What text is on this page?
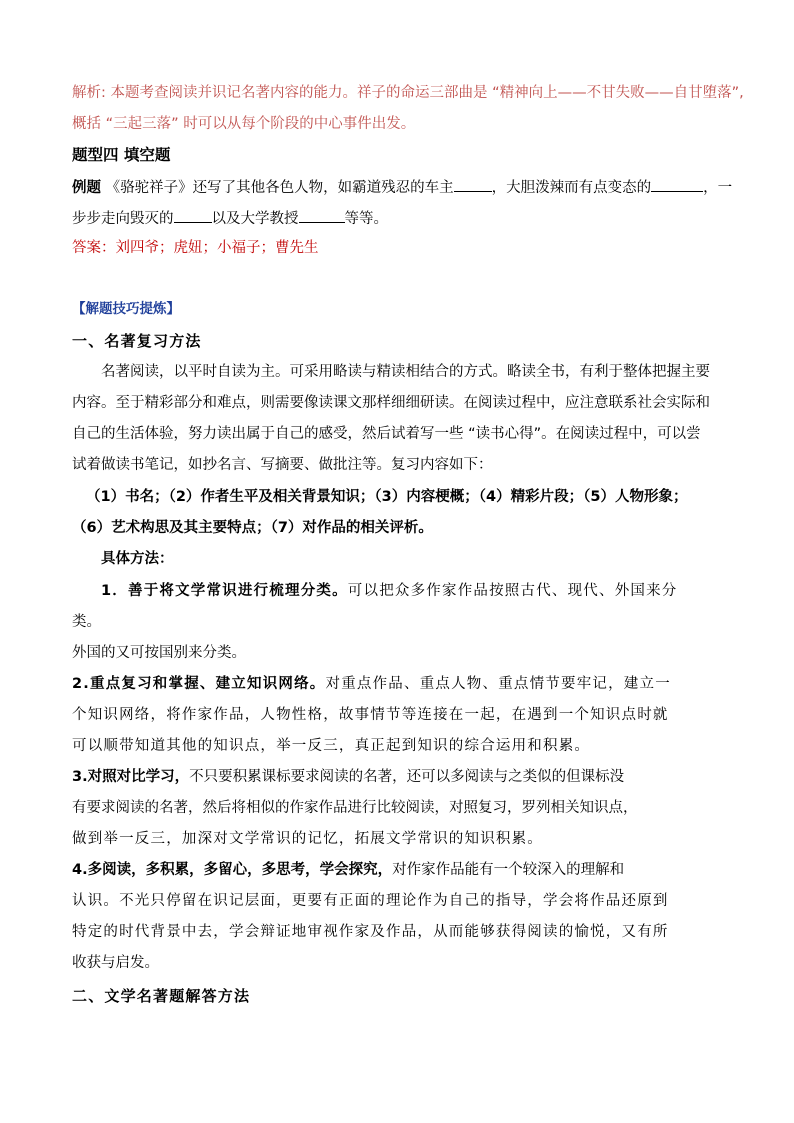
解析: 本题考查阅读并识记名著内容的能力。祥子的命运三部曲是 “精神向上——不甘失败——自甘堕落”,
概括 “三起三落” 时可以从每个阶段的中心事件出发。
题型四 填空题
例题 《骆驼祥子》还写了其他各色人物，如霸道残忍的车主	，大胆泼辣而有点变态的	，一
步步走向毁灭的	以及大学教授	等等。
答案：刘四爷；虎妞；小福子；曹先生
【解题技巧提炼】
一、名著复习方法
名著阅读，以平时自读为主。可采用略读与精读相结合的方式。略读全书，有利于整体把握主要
内容。至于精彩部分和难点，则需要像读课文那样细细研读。在阅读过程中，应注意联系社会实际和
自己的生活体验，努力读出属于自己的感受，然后试着写一些 “读书心得”。在阅读过程中，可以尝
试着做读书笔记，如抄名言、写摘要、做批注等。复习内容如下：
（1）书名；（2）作者生平及相关背景知识；（3）内容梗概；（4）精彩片段；（5）人物形象；
（6）艺术构思及其主要特点；（7）对作品的相关评析。
具体方法：
1．善于将文学常识进行梳理分类。可以把众多作家作品按照古代、现代、外国来分
类。
外国的又可按国别来分类。
2.重点复习和掌握、建立知识网络。对重点作品、重点人物、重点情节要牢记，建立一
个知识网络，将作家作品，人物性格，故事情节等连接在一起，在遇到一个知识点时就
可以顺带知道其他的知识点，举一反三，真正起到知识的综合运用和积累。
3.对照对比学习，不只要积累课标要求阅读的名著，还可以多阅读与之类似的但课标没
有要求阅读的名著，然后将相似的作家作品进行比较阅读，对照复习，罗列相关知识点，
做到举一反三，加深对文学常识的记忆，拓展文学常识的知识积累。
4.多阅读，多积累，多留心，多思考，学会探究，对作家作品能有一个较深入的理解和
认识。不光只停留在识记层面，更要有正面的理论作为自己的指导，学会将作品还原到
特定的时代背景中去，学会辩证地审视作家及作品，从而能够获得阅读的愉悦，又有所
收获与启发。
二、文学名著题解答方法
